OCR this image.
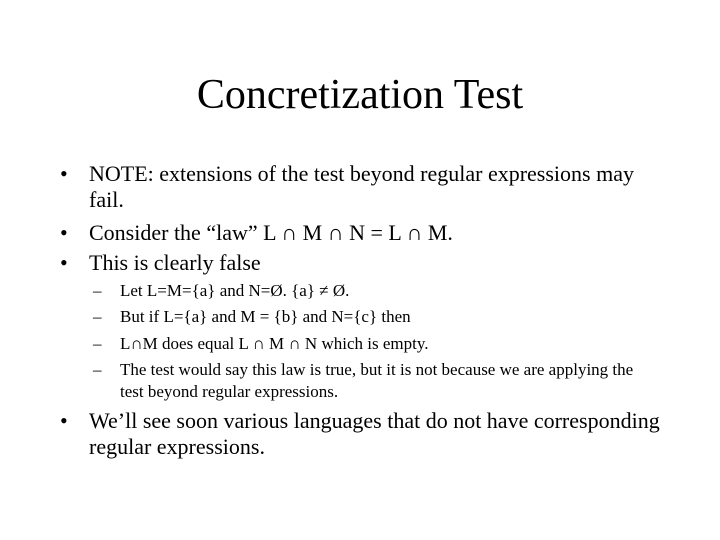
Concretization Test
• NOTE: extensions of the test beyond regular expressions may fail.
• Consider the “law” L ∩ M ∩ N = L ∩ M.
• This is clearly false
– Let L=M={a} and N=Ø. {a} ≠ Ø.
– But if L={a} and M = {b} and N={c} then
– L∩M does equal L ∩ M ∩ N which is empty.
– The test would say this law is true, but it is not because we are applying the test beyond regular expressions.
• We’ll see soon various languages that do not have corresponding regular expressions.
